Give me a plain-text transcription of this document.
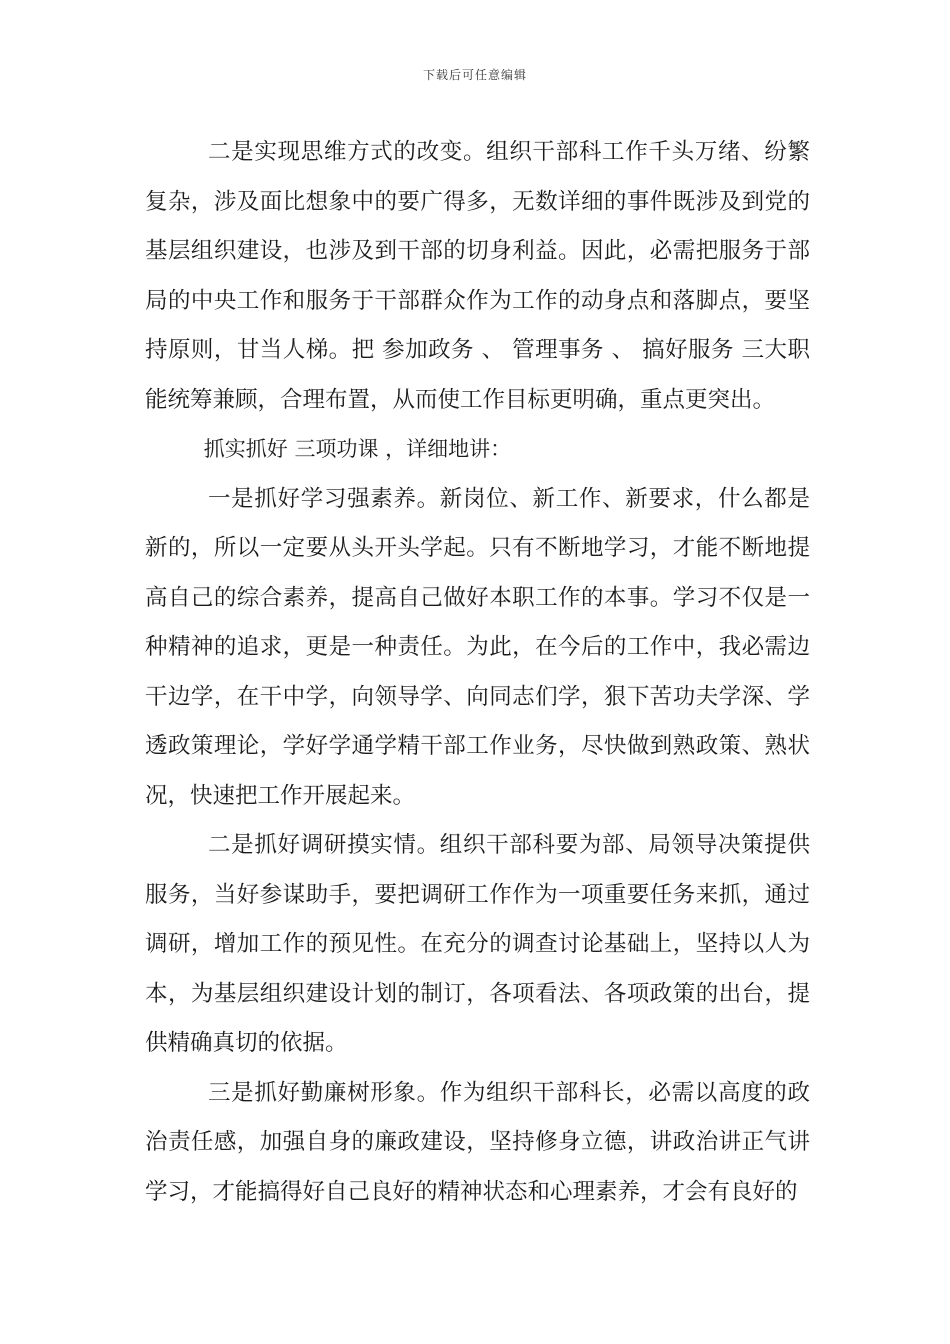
下载后可任意编辑

二是实现思维方式的改变。组织干部科工作千头万绪、纷繁复杂，涉及面比想象中的要广得多，无数详细的事件既涉及到党的基层组织建设，也涉及到干部的切身利益。因此，必需把服务于部局的中央工作和服务于干部群众作为工作的动身点和落脚点，要坚持原则，甘当人梯。把 参加政务 、 管理事务 、 搞好服务 三大职能统筹兼顾，合理布置，从而使工作目标更明确，重点更突出。

抓实抓好 三项功课 ，详细地讲：

一是抓好学习强素养。新岗位、新工作、新要求，什么都是新的，所以一定要从头开头学起。只有不断地学习，才能不断地提高自己的综合素养，提高自己做好本职工作的本事。学习不仅是一种精神的追求，更是一种责任。为此，在今后的工作中，我必需边干边学，在干中学，向领导学、向同志们学，狠下苦功夫学深、学透政策理论，学好学通学精干部工作业务，尽快做到熟政策、熟状况，快速把工作开展起来。

二是抓好调研摸实情。组织干部科要为部、局领导决策提供服务，当好参谋助手，要把调研工作作为一项重要任务来抓，通过调研，增加工作的预见性。在充分的调查讨论基础上，坚持以人为本，为基层组织建设计划的制订，各项看法、各项政策的出台，提供精确真切的依据。

三是抓好勤廉树形象。作为组织干部科长，必需以高度的政治责任感，加强自身的廉政建设，坚持修身立德，讲政治讲正气讲学习，才能搞得好自己良好的精神状态和心理素养，才会有良好的
